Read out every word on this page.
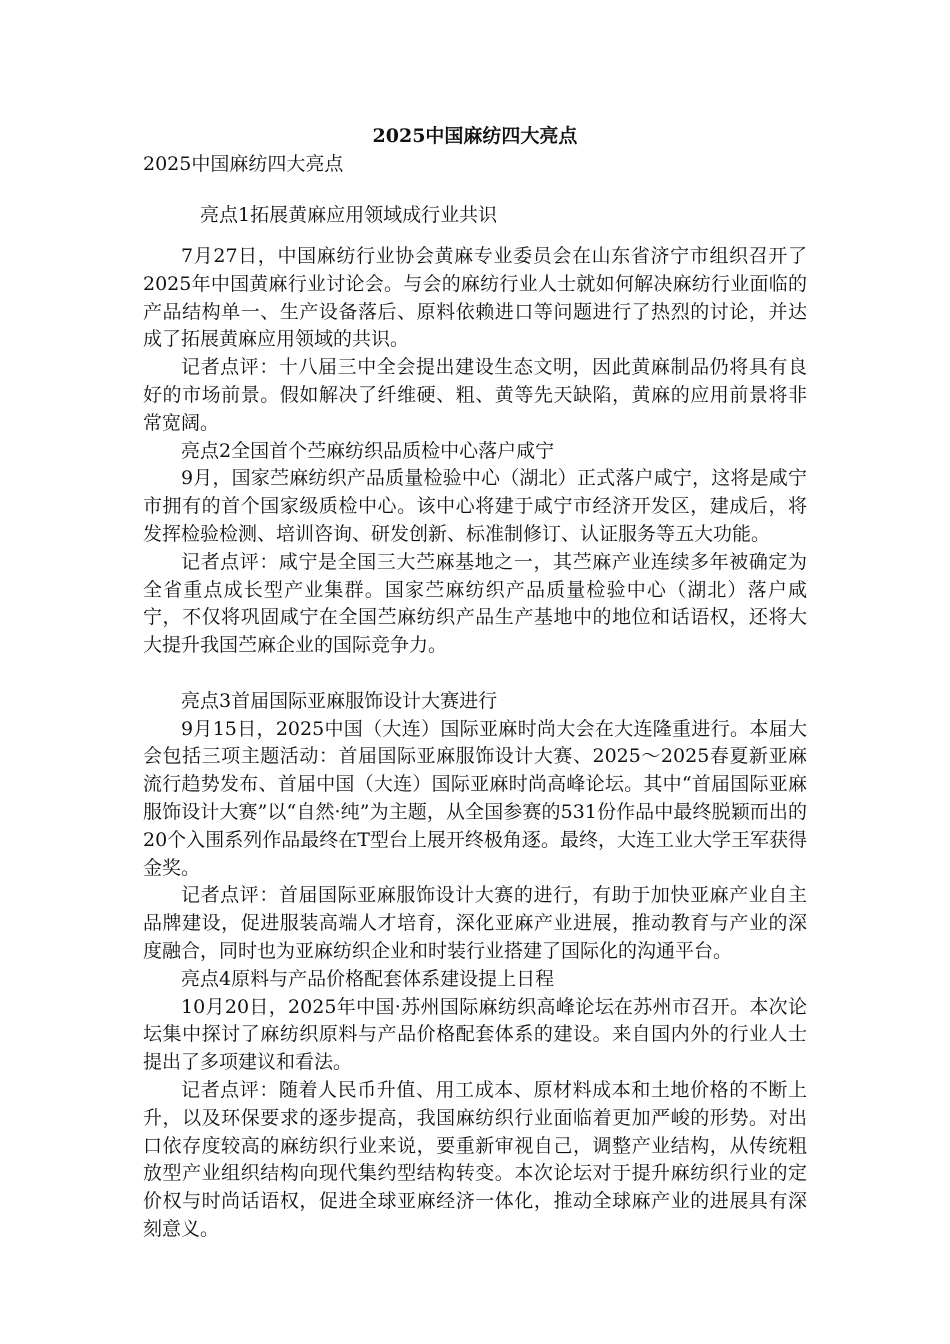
2025中国麻纺四大亮点
2025中国麻纺四大亮点
亮点1拓展黄麻应用领域成行业共识

7月27日，中国麻纺行业协会黄麻专业委员会在山东省济宁市组织召开了2025年中国黄麻行业讨论会。与会的麻纺行业人士就如何解决麻纺行业面临的产品结构单一、生产设备落后、原料依赖进口等问题进行了热烈的讨论，并达成了拓展黄麻应用领域的共识。

记者点评：十八届三中全会提出建设生态文明，因此黄麻制品仍将具有良好的市场前景。假如解决了纤维硬、粗、黄等先天缺陷，黄麻的应用前景将非常宽阔。

亮点2全国首个苎麻纺织品质检中心落户咸宁

9月，国家苎麻纺织产品质量检验中心（湖北）正式落户咸宁，这将是咸宁市拥有的首个国家级质检中心。该中心将建于咸宁市经济开发区，建成后，将发挥检验检测、培训咨询、研发创新、标准制修订、认证服务等五大功能。

记者点评：咸宁是全国三大苎麻基地之一，其苎麻产业连续多年被确定为全省重点成长型产业集群。国家苎麻纺织产品质量检验中心（湖北）落户咸宁，不仅将巩固咸宁在全国苎麻纺织产品生产基地中的地位和话语权，还将大大提升我国苎麻企业的国际竞争力。

亮点3首届国际亚麻服饰设计大赛进行

9月15日，2025中国（大连）国际亚麻时尚大会在大连隆重进行。本届大会包括三项主题活动：首届国际亚麻服饰设计大赛、2025～2025春夏新亚麻流行趋势发布、首届中国（大连）国际亚麻时尚高峰论坛。其中“首届国际亚麻服饰设计大赛”以“自然·纯”为主题，从全国参赛的531份作品中最终脱颖而出的20个入围系列作品最终在T型台上展开终极角逐。最终，大连工业大学王军获得金奖。

记者点评：首届国际亚麻服饰设计大赛的进行，有助于加快亚麻产业自主品牌建设，促进服装高端人才培育，深化亚麻产业进展，推动教育与产业的深度融合，同时也为亚麻纺织企业和时装行业搭建了国际化的沟通平台。

亮点4原料与产品价格配套体系建设提上日程

10月20日，2025年中国·苏州国际麻纺织高峰论坛在苏州市召开。本次论坛集中探讨了麻纺织原料与产品价格配套体系的建设。来自国内外的行业人士提出了多项建议和看法。

记者点评：随着人民币升值、用工成本、原材料成本和土地价格的不断上升，以及环保要求的逐步提高，我国麻纺织行业面临着更加严峻的形势。对出口依存度较高的麻纺织行业来说，要重新审视自己，调整产业结构，从传统粗放型产业组织结构向现代集约型结构转变。本次论坛对于提升麻纺织行业的定价权与时尚话语权，促进全球亚麻经济一体化，推动全球麻产业的进展具有深刻意义。
